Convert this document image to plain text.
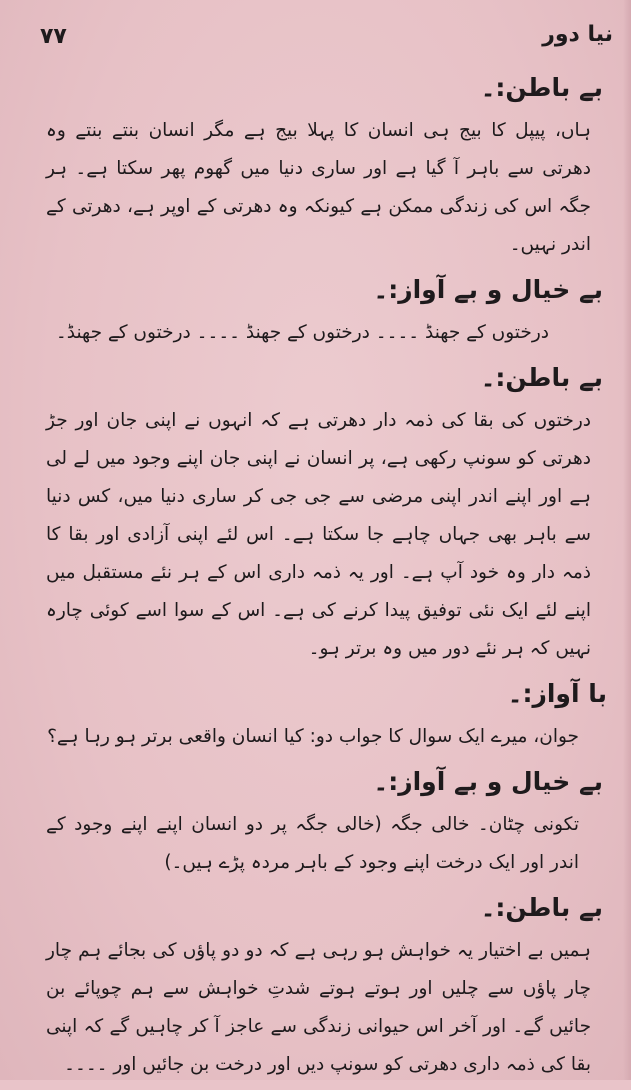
۷۷	نیا دور
بے باطن:۔

ہاں، پیپل کا بیج ہی انسان کا پہلا بیج ہے مگر انسان بنتے بنتے وہ دھرتی سے باہر آ گیا ہے اور ساری دنیا میں گھوم پھر سکتا ہے۔ ہر جگہ اس کی زندگی ممکن ہے کیونکہ وہ دھرتی کے اوپر ہے، دھرتی کے اندر نہیں۔

بے خیال و بے آواز:۔

درختوں کے جھنڈ ۔۔۔۔ درختوں کے جھنڈ ۔۔۔۔ درختوں کے جھنڈ۔

بے باطن:۔

درختوں کی بقا کی ذمہ دار دھرتی ہے کہ انہوں نے اپنی جان اور جڑ دھرتی کو سونپ رکھی ہے، پر انسان نے اپنی جان اپنے وجود میں لے لی ہے اور اپنے اندر اپنی مرضی سے جی جی کر ساری دنیا میں، کس دنیا سے باہر بھی جہاں چاہے جا سکتا ہے۔ اس لئے اپنی آزادی اور بقا کا ذمہ دار وہ خود آپ ہے۔ اور یہ ذمہ داری اس کے ہر نئے مستقبل میں اپنے لئے ایک نئی توفیق پیدا کرنے کی ہے۔ اس کے سوا اسے کوئی چارہ نہیں کہ ہر نئے دور میں وہ برتر ہو۔

با آواز:۔

جوان، میرے ایک سوال کا جواب دو: کیا انسان واقعی برتر ہو رہا ہے؟

بے خیال و بے آواز:۔

تکونی چٹان۔ خالی جگہ (خالی جگہ پر دو انسان اپنے اپنے وجود کے اندر اور ایک درخت اپنے وجود کے باہر مردہ پڑے ہیں۔)

بے باطن:۔

ہمیں بے اختیار یہ خواہش ہو رہی ہے کہ دو دو پاؤں کی بجائے ہم چار چار پاؤں سے چلیں اور ہوتے ہوتے شدتِ خواہش سے ہم چوپائے بن جائیں گے۔ اور آخر اس حیوانی زندگی سے عاجز آ کر چاہیں گے کہ اپنی بقا کی ذمہ داری دھرتی کو سونپ دیں اور درخت بن جائیں اور ۔۔۔۔
